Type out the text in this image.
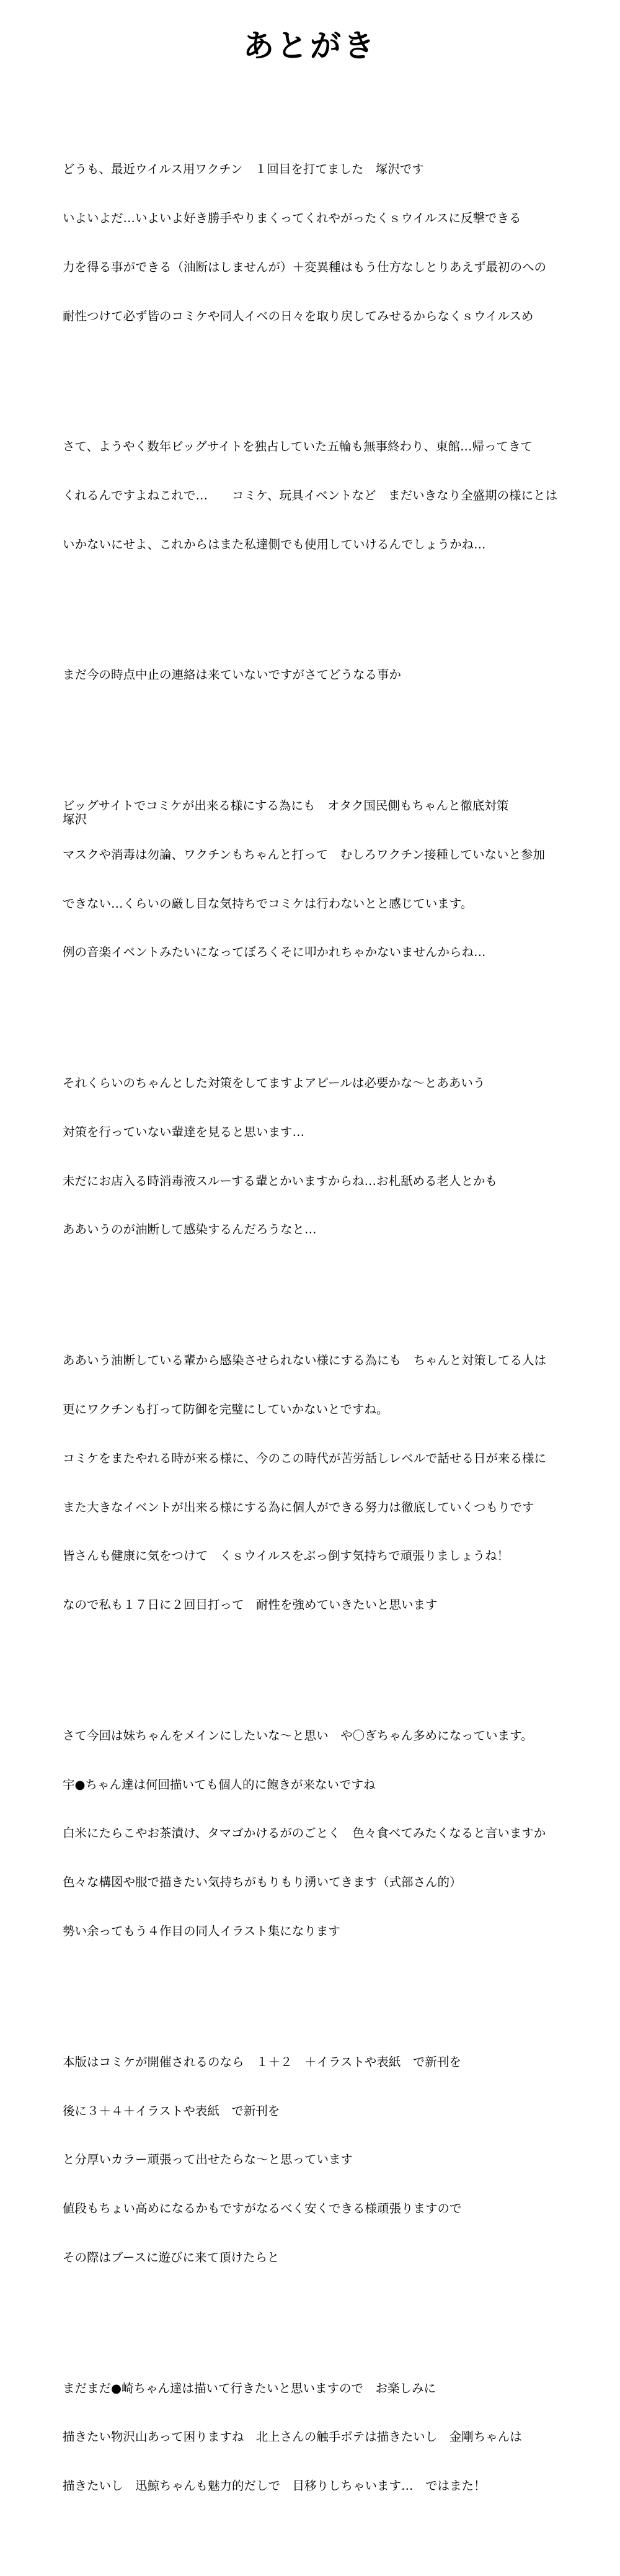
あとがき

どうも、最近ウイルス用ワクチン　１回目を打てました　塚沢です

いよいよだ…いよいよ好き勝手やりまくってくれやがったくｓウイルスに反撃できる

力を得る事ができる（油断はしませんが）＋変異種はもう仕方なしとりあえず最初のへの

耐性つけて必ず皆のコミケや同人イベの日々を取り戻してみせるからなくｓウイルスめ

さて、ようやく数年ビッグサイトを独占していた五輪も無事終わり、東館…帰ってきて

くれるんですよねこれで…　　コミケ、玩具イベントなど　まだいきなり全盛期の様にとは

いかないにせよ、これからはまた私達側でも使用していけるんでしょうかね…

まだ今の時点中止の連絡は来ていないですがさてどうなる事か

ビッグサイトでコミケが出来る様にする為にも　オタク国民側もちゃんと徹底対策

マスクや消毒は勿論、ワクチンもちゃんと打って　むしろワクチン接種していないと参加

できない…くらいの厳し目な気持ちでコミケは行わないとと感じています。

例の音楽イベントみたいになってぼろくそに叩かれちゃかないませんからね…

それくらいのちゃんとした対策をしてますよアピールは必要かな～とああいう

対策を行っていない輩達を見ると思います…

未だにお店入る時消毒液スルーする輩とかいますからね…お札舐める老人とかも

ああいうのが油断して感染するんだろうなと…

ああいう油断している輩から感染させられない様にする為にも　ちゃんと対策してる人は

更にワクチンも打って防御を完璧にしていかないとですね。

コミケをまたやれる時が来る様に、今のこの時代が苦労話しレベルで話せる日が来る様に

また大きなイベントが出来る様にする為に個人ができる努力は徹底していくつもりです

皆さんも健康に気をつけて　くｓウイルスをぶっ倒す気持ちで頑張りましょうね！

なので私も１７日に２回目打って　耐性を強めていきたいと思います

さて今回は妹ちゃんをメインにしたいな～と思い　や〇ぎちゃん多めになっています。

宇●ちゃん達は何回描いても個人的に飽きが来ないですね

白米にたらこやお茶漬け、タマゴかけるがのごとく　色々食べてみたくなると言いますか

色々な構図や服で描きたい気持ちがもりもり湧いてきます（式部さん的）

勢い余ってもう４作目の同人イラスト集になります

本版はコミケが開催されるのなら　１＋２　＋イラストや表紙　で新刊を

後に３＋４＋イラストや表紙　で新刊を

と分厚いカラー頑張って出せたらな～と思っています

値段もちょい高めになるかもですがなるべく安くできる様頑張りますので

その際はブースに遊びに来て頂けたらと

まだまだ●崎ちゃん達は描いて行きたいと思いますので　お楽しみに

描きたい物沢山あって困りますね　北上さんの触手ボテは描きたいし　金剛ちゃんは

描きたいし　迅鯨ちゃんも魅力的だしで　目移りしちゃいます…　ではまた！

塚沢
